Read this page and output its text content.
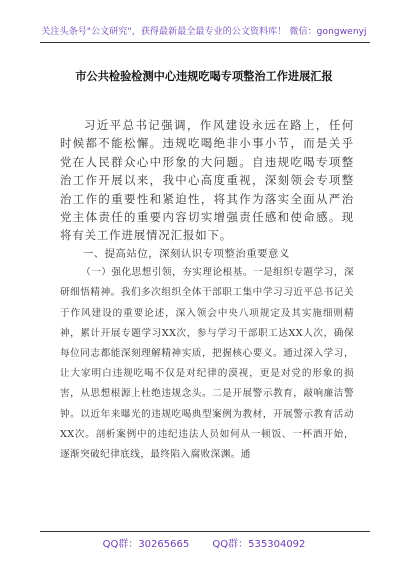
关注头条号"公文研究"，获得最新最全最专业的公文资料库！ 微信：gongwenyj
市公共检验检测中心违规吃喝专项整治工作进展汇报

习近平总书记强调，作风建设永远在路上，任何时候都不能松懈。违规吃喝绝非小事小节，而是关乎党在人民群众心中形象的大问题。自违规吃喝专项整治工作开展以来，我中心高度重视，深刻领会专项整治工作的重要性和紧迫性，将其作为落实全面从严治党主体责任的重要内容切实增强责任感和使命感。现将有关工作进展情况汇报如下。

一、提高站位，深刻认识专项整治重要意义

（一）强化思想引领，夯实理论根基。一是组织专题学习，深研细悟精神。我们多次组织全体干部职工集中学习习近平总书记关于作风建设的重要论述，深入领会中央八项规定及其实施细则精神，累计开展专题学习XX次，参与学习干部职工达XX人次，确保每位同志都能深刻理解精神实质，把握核心要义。通过深入学习，让大家明白违规吃喝不仅是对纪律的漠视，更是对党的形象的损害，从思想根源上杜绝违规念头。二是开展警示教育，敲响廉洁警钟。以近年来曝光的违规吃喝典型案例为教材，开展警示教育活动XX次。剖析案例中的违纪违法人员如何从一顿饭、一杯酒开始，逐渐突破纪律底线，最终陷入腐败深渊。通

QQ群：30265665 QQ群：535304092
